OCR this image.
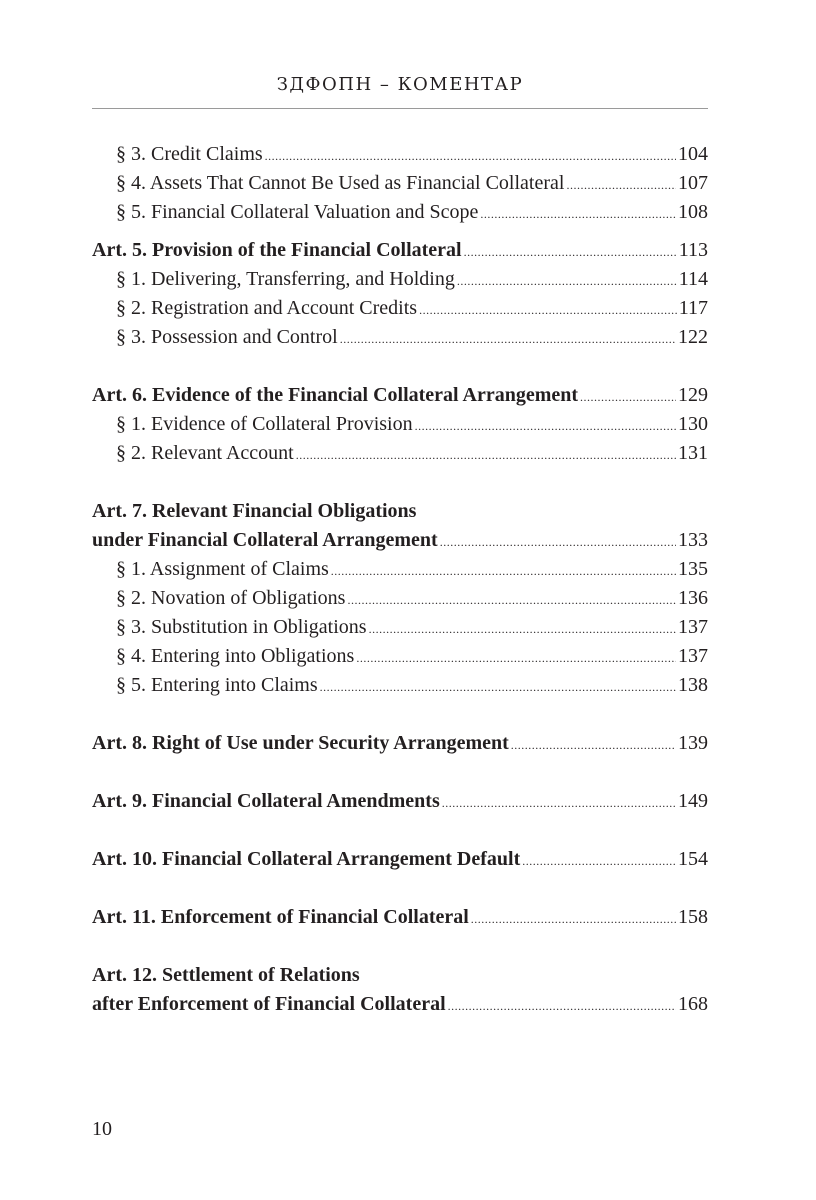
ЗДФОПН – КОМЕНТАР
§ 3. Credit Claims .....	104
§ 4. Assets That Cannot Be Used as Financial Collateral .....	107
§ 5. Financial Collateral Valuation and Scope .....	108
Art. 5. Provision of the Financial Collateral .....	113
§ 1. Delivering, Transferring, and Holding .....	114
§ 2. Registration and Account Credits .....	117
§ 3. Possession and Control .....	122
Art. 6. Evidence of the Financial Collateral Arrangement .....	129
§ 1. Evidence of Collateral Provision .....	130
§ 2. Relevant Account .....	131
Art. 7. Relevant Financial Obligations
under Financial Collateral Arrangement .....	133
§ 1. Assignment of Claims .....	135
§ 2. Novation of Obligations .....	136
§ 3. Substitution in Obligations .....	137
§ 4. Entering into Obligations .....	137
§ 5. Entering into Claims .....	138
Art. 8. Right of Use under Security Arrangement .....	139
Art. 9. Financial Collateral Amendments .....	149
Art. 10. Financial Collateral Arrangement Default .....	154
Art. 11. Enforcement of Financial Collateral .....	158
Art. 12. Settlement of Relations
after Enforcement of Financial Collateral .....	168
10
